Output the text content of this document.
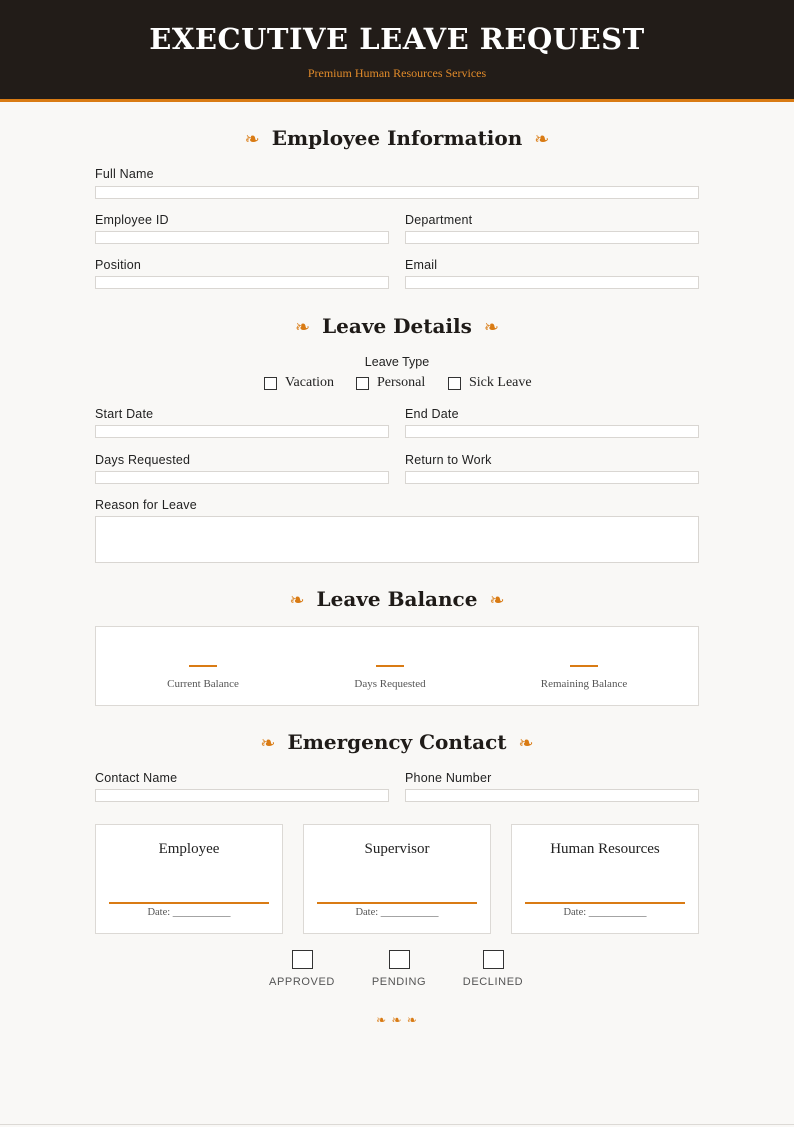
EXECUTIVE LEAVE REQUEST
Premium Human Resources Services
❧ Employee Information ❧
Full Name
Employee ID	Department
Position	Email
❧ Leave Details ❧
Leave Type
Vacation	Personal	Sick Leave
Start Date	End Date
Days Requested	Return to Work
Reason for Leave
❧ Leave Balance ❧
Current Balance	Days Requested	Remaining Balance
❧ Emergency Contact ❧
Contact Name	Phone Number
Employee
Date: ___________
Supervisor
Date: ___________
Human Resources
Date: ___________
APPROVED	PENDING	DECLINED
❧ ❧ ❧
